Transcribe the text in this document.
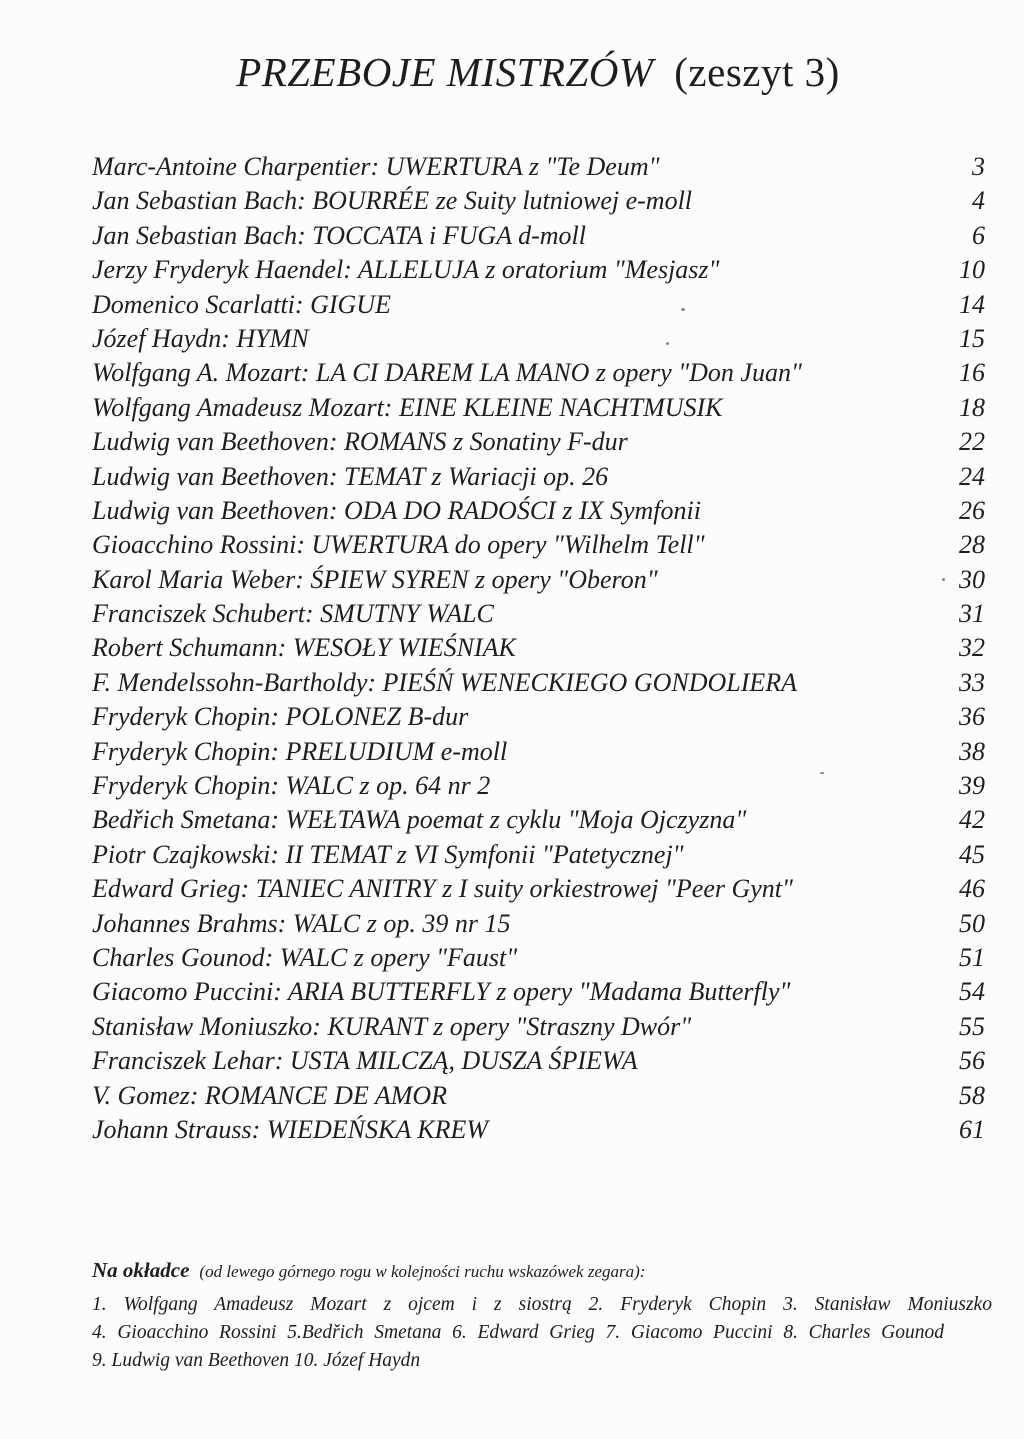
PRZEBOJE MISTRZÓW (zeszyt 3)
Marc-Antoine Charpentier: UWERTURA z "Te Deum"	3
Jan Sebastian Bach: BOURRÉE ze Suity lutniowej e-moll	4
Jan Sebastian Bach: TOCCATA i FUGA d-moll	6
Jerzy Fryderyk Haendel: ALLELUJA z oratorium "Mesjasz"	10
Domenico Scarlatti: GIGUE	14
Józef Haydn: HYMN	15
Wolfgang A. Mozart: LA CI DAREM LA MANO z opery "Don Juan"	16
Wolfgang Amadeusz Mozart: EINE KLEINE NACHTMUSIK	18
Ludwig van Beethoven: ROMANS z Sonatiny F-dur	22
Ludwig van Beethoven: TEMAT z Wariacji op. 26	24
Ludwig van Beethoven: ODA DO RADOŚCI z IX Symfonii	26
Gioacchino Rossini: UWERTURA do opery "Wilhelm Tell"	28
Karol Maria Weber: ŚPIEW SYREN z opery "Oberon"	30
Franciszek Schubert: SMUTNY WALC	31
Robert Schumann: WESOŁY WIEŚNIAK	32
F. Mendelssohn-Bartholdy: PIEŚŃ WENECKIEGO GONDOLIERA	33
Fryderyk Chopin: POLONEZ B-dur	36
Fryderyk Chopin: PRELUDIUM e-moll	38
Fryderyk Chopin: WALC z op. 64 nr 2	39
Bedřich Smetana: WEŁTAWA poemat z cyklu "Moja Ojczyzna"	42
Piotr Czajkowski: II TEMAT z VI Symfonii "Patetycznej"	45
Edward Grieg: TANIEC ANITRY z I suity orkiestrowej "Peer Gynt"	46
Johannes Brahms: WALC z op. 39 nr 15	50
Charles Gounod: WALC z opery "Faust"	51
Giacomo Puccini: ARIA BUTTERFLY z opery "Madama Butterfly"	54
Stanisław Moniuszko: KURANT z opery "Straszny Dwór"	55
Franciszek Lehar: USTA MILCZĄ, DUSZA ŚPIEWA	56
V. Gomez: ROMANCE DE AMOR	58
Johann Strauss: WIEDEŃSKA KREW	61
Na okładce (od lewego górnego rogu w kolejności ruchu wskazówek zegara):
1. Wolfgang Amadeusz Mozart z ojcem i z siostrą 2. Fryderyk Chopin 3. Stanisław Moniuszko
4. Gioacchino Rossini 5.Bedřich Smetana 6. Edward Grieg 7. Giacomo Puccini 8. Charles Gounod
9. Ludwig van Beethoven 10. Józef Haydn
